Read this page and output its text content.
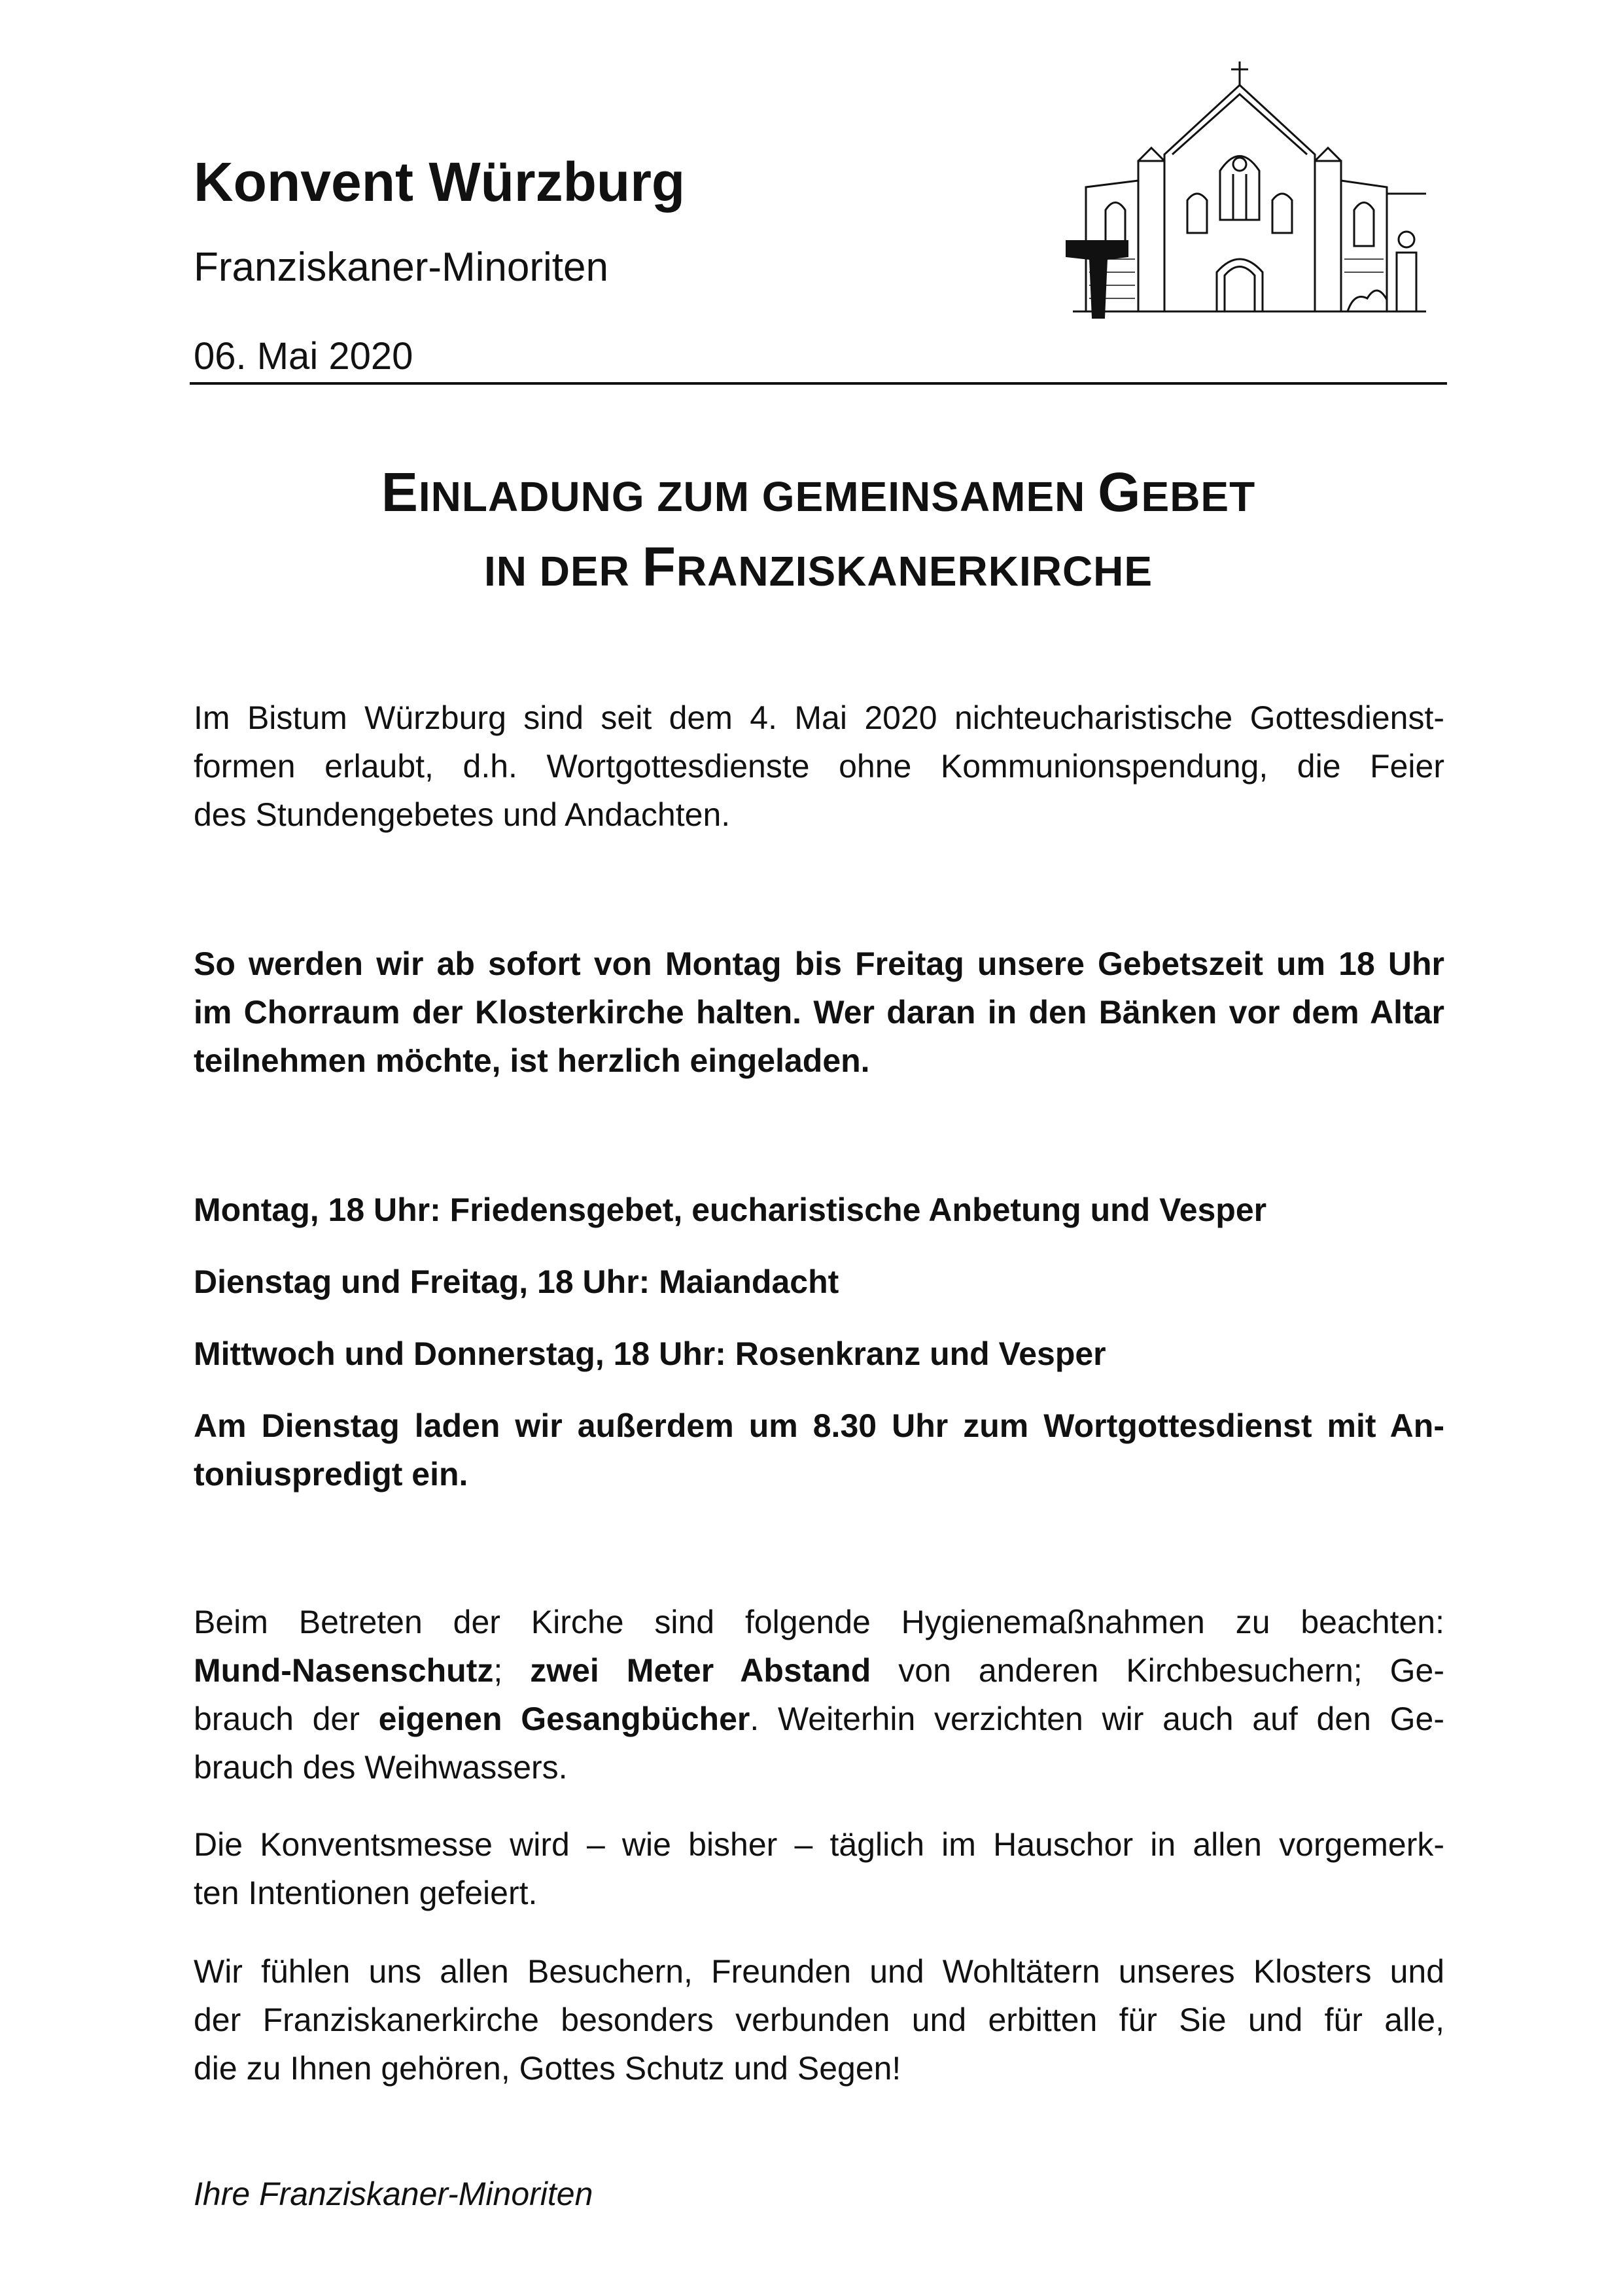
Konvent Würzburg
Franziskaner-Minoriten
06. Mai 2020
EINLADUNG ZUM GEMEINSAMEN GEBET
IN DER FRANZISKANERKIRCHE
Im Bistum Würzburg sind seit dem 4. Mai 2020 nichteucharistische Gottesdienst-
formen erlaubt, d.h. Wortgottesdienste ohne Kommunionspendung, die Feier
des Stundengebetes und Andachten.
So werden wir ab sofort von Montag bis Freitag unsere Gebetszeit um 18 Uhr
im Chorraum der Klosterkirche halten. Wer daran in den Bänken vor dem Altar
teilnehmen möchte, ist herzlich eingeladen.
Montag, 18 Uhr: Friedensgebet, eucharistische Anbetung und Vesper
Dienstag und Freitag, 18 Uhr: Maiandacht
Mittwoch und Donnerstag, 18 Uhr: Rosenkranz und Vesper
Am Dienstag laden wir außerdem um 8.30 Uhr zum Wortgottesdienst mit An-
toniuspredigt ein.
Beim Betreten der Kirche sind folgende Hygienemaßnahmen zu beachten:
Mund-Nasenschutz; zwei Meter Abstand von anderen Kirchbesuchern; Ge-
brauch der eigenen Gesangbücher. Weiterhin verzichten wir auch auf den Ge-
brauch des Weihwassers.
Die Konventsmesse wird – wie bisher – täglich im Hauschor in allen vorgemerk-
ten Intentionen gefeiert.
Wir fühlen uns allen Besuchern, Freunden und Wohltätern unseres Klosters und
der Franziskanerkirche besonders verbunden und erbitten für Sie und für alle,
die zu Ihnen gehören, Gottes Schutz und Segen!
Ihre Franziskaner-Minoriten
